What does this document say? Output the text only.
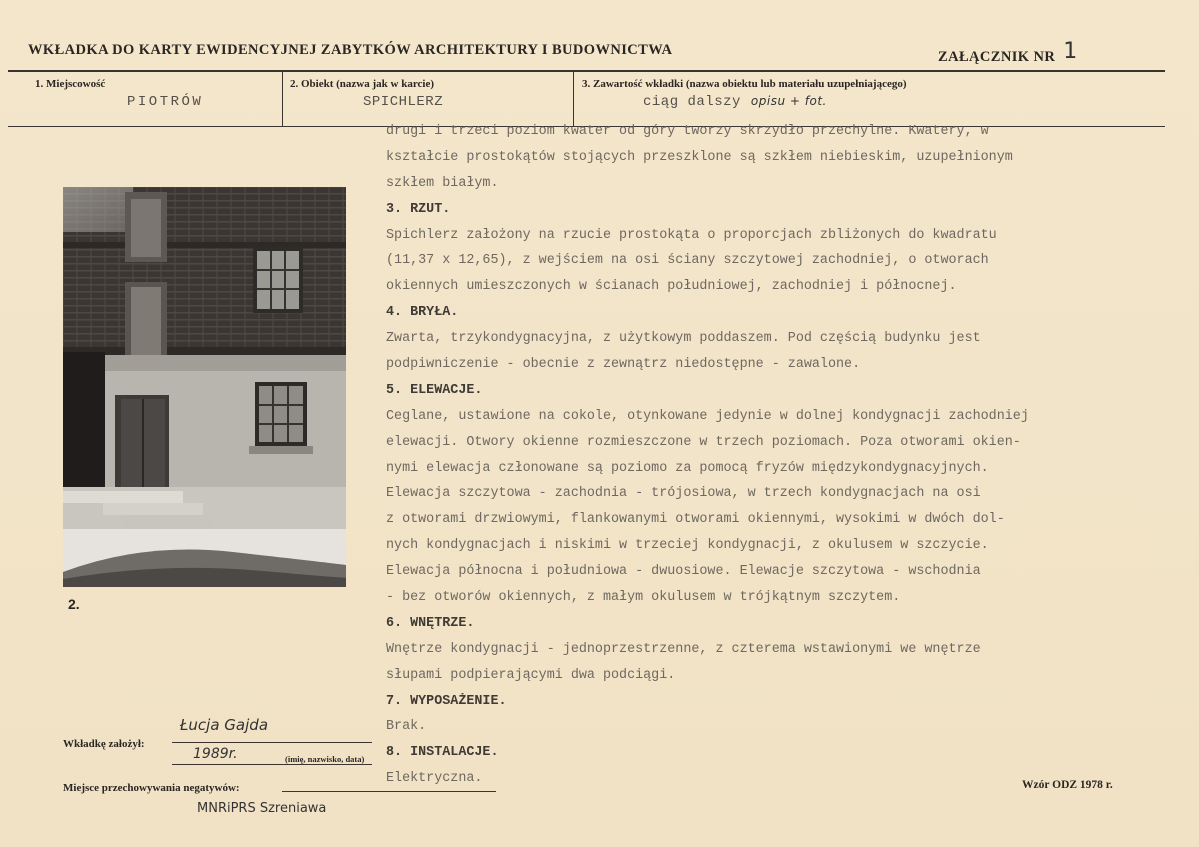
WKŁADKA DO KARTY EWIDENCYJNEJ ZABYTKÓW ARCHITEKTURY I BUDOWNICTWA	ZAŁĄCZNIK NR 1
1. Miejscowość
PIOTRÓW
2. Obiekt (nazwa jak w karcie)
SPICHLERZ
3. Zawartość wkładki (nazwa obiektu lub materiału uzupełniającego)
ciąg dalszy opisu + fot.
drugi i trzeci poziom kwater od góry tworzy skrzydło przechylne. Kwatery, w
kształcie prostokątów stojących przeszklone są szkłem niebieskim, uzupełnionym
szkłem białym.
3. RZUT.
Spichlerz założony na rzucie prostokąta o proporcjach zbliżonych do kwadratu
(11,37 x 12,65), z wejściem na osi ściany szczytowej zachodniej, o otworach
okiennych umieszczonych w ścianach południowej, zachodniej i północnej.
4. BRYŁA.
Zwarta, trzykondygnacyjna, z użytkowym poddaszem. Pod częścią budynku jest
podpiwniczenie - obecnie z zewnątrz niedostępne - zawalone.
5. ELEWACJE.
Ceglane, ustawione na cokole, otynkowane jedynie w dolnej kondygnacji zachodniej
elewacji. Otwory okienne rozmieszczone w trzech poziomach. Poza otworami okien-
nymi elewacja członowane są poziomo za pomocą fryzów międzykondygnacyjnych.
Elewacja szczytowa - zachodnia - trójosiowa, w trzech kondygnacjach na osi
z otworami drzwiowymi, flankowanymi otworami okiennymi, wysokimi w dwóch dol-
nych kondygnacjach i niskimi w trzeciej kondygnacji, z okulusem w szczycie.
Elewacja północna i południowa - dwuosiowe. Elewacje szczytowa - wschodnia
- bez otworów okiennych, z małym okulusem w trójkątnym szczytem.
6. WNĘTRZE.
Wnętrze kondygnacji - jednoprzestrzenne, z czterema wstawionymi we wnętrze
słupami podpierającymi dwa podciągi.
7. WYPOSAŻENIE.
Brak.
8. INSTALACJE.
Elektryczna.
2.
Wkładkę założył:
Łucja Gajda
1989r.	(imię, nazwisko, data)
Miejsce przechowywania negatywów:
MNRiPRS Szreniawa
Wzór ODZ 1978 r.
